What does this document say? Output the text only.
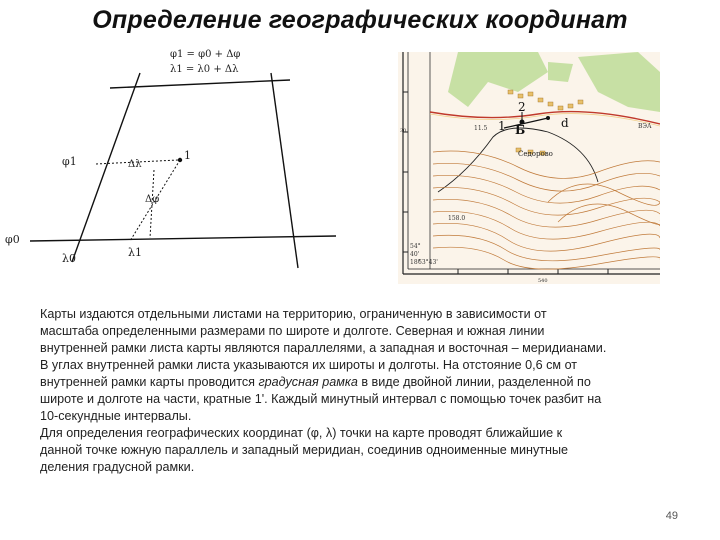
Определение географических координат
φ1 = φ0 + Δφ
λ1 = λ0 + Δλ
φ1
φ0
λ0	λ1
Δλ
Δφ
1
1
2
Б	d
Седорово
11.5
158.0
ВЭА
54°
40'
18°
63°43'
540
30

Карты издаются отдельными листами на территорию, ограниченную в зависимости от

масштаба определенными размерами по широте и долготе. Северная и южная линии

внутренней рамки листа карты являются параллелями, а западная и восточная – меридианами.

В углах внутренней рамки листа указываются их широты и долготы. На отстояние 0,6 см от

внутренней рамки карты проводится градусная рамка в виде двойной линии, разделенной по

широте и долготе на части, кратные 1'. Каждый минутный интервал с помощью точек разбит на

10-секундные интервалы.

Для определения географических координат (φ, λ) точки на карте проводят ближайшие к

данной точке южную параллель и западный меридиан, соединив одноименные минутные

деления градусной рамки.

49
